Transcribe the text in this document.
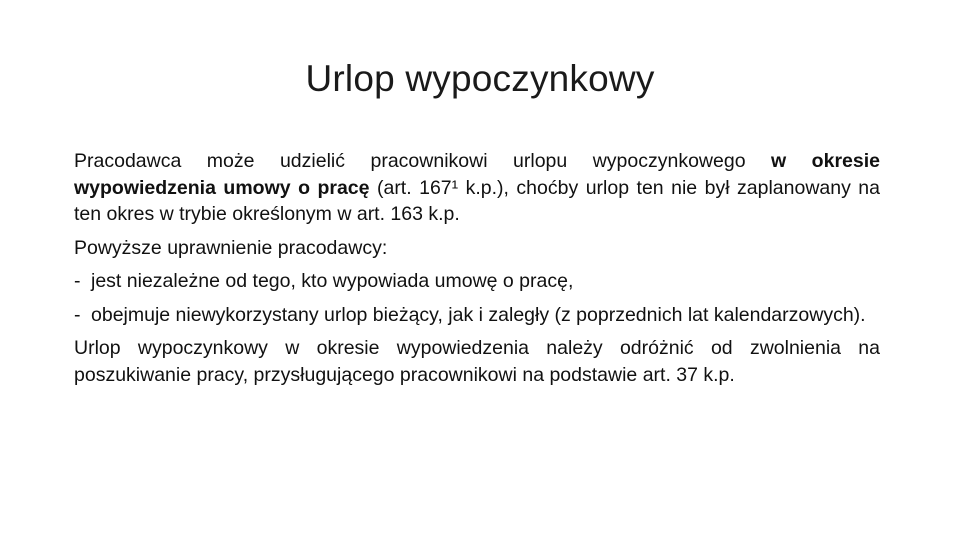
Urlop wypoczynkowy

Pracodawca może udzielić pracownikowi urlopu wypoczynkowego w okresie wypowiedzenia umowy o pracę (art. 167¹ k.p.), choćby urlop ten nie był zaplanowany na ten okres w trybie określonym w art. 163 k.p.

Powyższe uprawnienie pracodawcy:

- jest niezależne od tego, kto wypowiada umowę o pracę,
- obejmuje niewykorzystany urlop bieżący, jak i zaległy (z poprzednich lat kalendarzowych).

Urlop wypoczynkowy w okresie wypowiedzenia należy odróżnić od zwolnienia na poszukiwanie pracy, przysługującego pracownikowi na podstawie art. 37 k.p.
